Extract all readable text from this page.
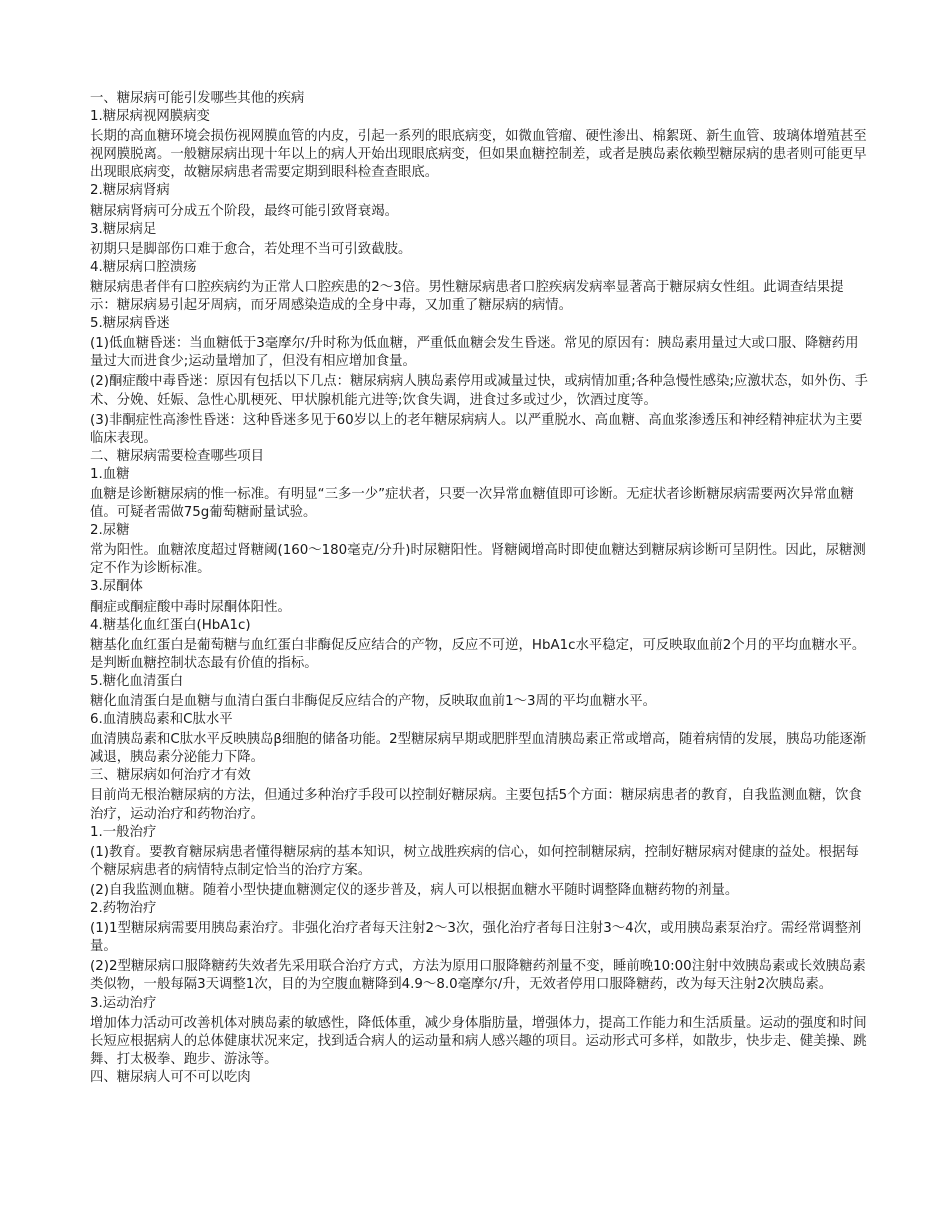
一、糖尿病可能引发哪些其他的疾病

1.糖尿病视网膜病变

长期的高血糖环境会损伤视网膜血管的内皮，引起一系列的眼底病变，如微血管瘤、硬性渗出、棉絮斑、新生血管、玻璃体增殖甚至视网膜脱离。一般糖尿病出现十年以上的病人开始出现眼底病变，但如果血糖控制差，或者是胰岛素依赖型糖尿病的患者则可能更早出现眼底病变，故糖尿病患者需要定期到眼科检查查眼底。

2.糖尿病肾病

糖尿病肾病可分成五个阶段，最终可能引致肾衰竭。

3.糖尿病足

初期只是脚部伤口难于愈合，若处理不当可引致截肢。

4.糖尿病口腔溃疡

糖尿病患者伴有口腔疾病约为正常人口腔疾患的2～3倍。男性糖尿病患者口腔疾病发病率显著高于糖尿病女性组。此调查结果提示：糖尿病易引起牙周病，而牙周感染造成的全身中毒，又加重了糖尿病的病情。

5.糖尿病昏迷

(1)低血糖昏迷：当血糖低于3毫摩尔/升时称为低血糖，严重低血糖会发生昏迷。常见的原因有：胰岛素用量过大或口服、降糖药用量过大而进食少;运动量增加了，但没有相应增加食量。

(2)酮症酸中毒昏迷：原因有包括以下几点：糖尿病病人胰岛素停用或减量过快，或病情加重;各种急慢性感染;应激状态，如外伤、手术、分娩、妊娠、急性心肌梗死、甲状腺机能亢进等;饮食失调，进食过多或过少，饮酒过度等。

(3)非酮症性高渗性昏迷：这种昏迷多见于60岁以上的老年糖尿病病人。以严重脱水、高血糖、高血浆渗透压和神经精神症状为主要临床表现。

二、糖尿病需要检查哪些项目

1.血糖

血糖是诊断糖尿病的惟一标准。有明显“三多一少”症状者，只要一次异常血糖值即可诊断。无症状者诊断糖尿病需要两次异常血糖值。可疑者需做75g葡萄糖耐量试验。

2.尿糖

常为阳性。血糖浓度超过肾糖阈(160～180毫克/分升)时尿糖阳性。肾糖阈增高时即使血糖达到糖尿病诊断可呈阴性。因此，尿糖测定不作为诊断标准。

3.尿酮体

酮症或酮症酸中毒时尿酮体阳性。

4.糖基化血红蛋白(HbA1c)

糖基化血红蛋白是葡萄糖与血红蛋白非酶促反应结合的产物，反应不可逆，HbA1c水平稳定，可反映取血前2个月的平均血糖水平。是判断血糖控制状态最有价值的指标。

5.糖化血清蛋白

糖化血清蛋白是血糖与血清白蛋白非酶促反应结合的产物，反映取血前1～3周的平均血糖水平。

6.血清胰岛素和C肽水平

血清胰岛素和C肽水平反映胰岛β细胞的储备功能。2型糖尿病早期或肥胖型血清胰岛素正常或增高，随着病情的发展，胰岛功能逐渐减退，胰岛素分泌能力下降。

三、糖尿病如何治疗才有效

目前尚无根治糖尿病的方法，但通过多种治疗手段可以控制好糖尿病。主要包括5个方面：糖尿病患者的教育，自我监测血糖，饮食治疗，运动治疗和药物治疗。

1.一般治疗

(1)教育。要教育糖尿病患者懂得糖尿病的基本知识，树立战胜疾病的信心，如何控制糖尿病，控制好糖尿病对健康的益处。根据每个糖尿病患者的病情特点制定恰当的治疗方案。

(2)自我监测血糖。随着小型快捷血糖测定仪的逐步普及，病人可以根据血糖水平随时调整降血糖药物的剂量。

2.药物治疗

(1)1型糖尿病需要用胰岛素治疗。非强化治疗者每天注射2～3次，强化治疗者每日注射3～4次，或用胰岛素泵治疗。需经常调整剂量。

(2)2型糖尿病口服降糖药失效者先采用联合治疗方式，方法为原用口服降糖药剂量不变，睡前晚10:00注射中效胰岛素或长效胰岛素类似物，一般每隔3天调整1次，目的为空腹血糖降到4.9～8.0毫摩尔/升，无效者停用口服降糖药，改为每天注射2次胰岛素。

3.运动治疗

增加体力活动可改善机体对胰岛素的敏感性，降低体重，减少身体脂肪量，增强体力，提高工作能力和生活质量。运动的强度和时间长短应根据病人的总体健康状况来定，找到适合病人的运动量和病人感兴趣的项目。运动形式可多样，如散步，快步走、健美操、跳舞、打太极拳、跑步、游泳等。

四、糖尿病人可不可以吃肉
